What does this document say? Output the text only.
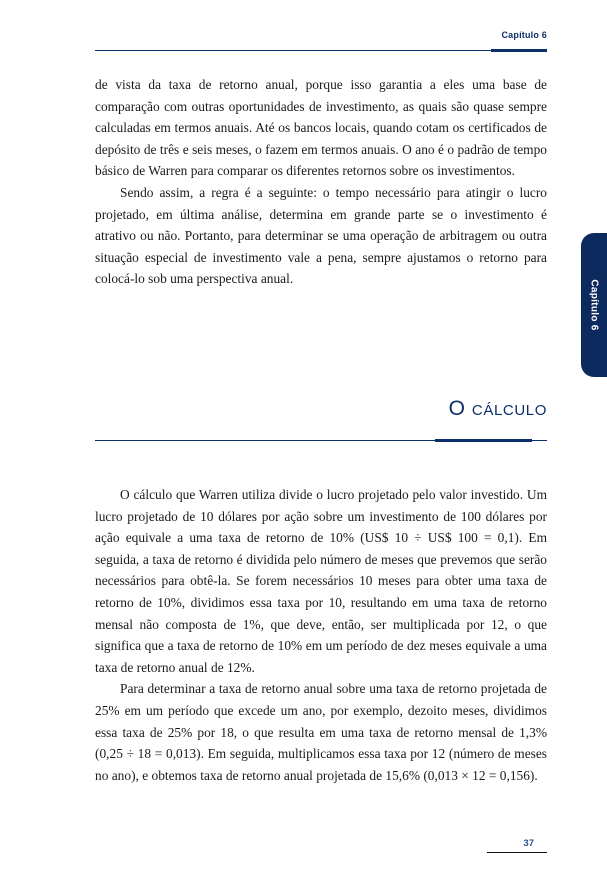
Capítulo 6

de vista da taxa de retorno anual, porque isso garantia a eles uma base de comparação com outras oportunidades de investimento, as quais são quase sempre calculadas em termos anuais. Até os bancos locais, quando cotam os certificados de depósito de três e seis meses, o fazem em termos anuais. O ano é o padrão de tempo básico de Warren para comparar os diferentes retornos sobre os investimentos.

Sendo assim, a regra é a seguinte: o tempo necessário para atingir o lucro projetado, em última análise, determina em grande parte se o investimento é atrativo ou não. Portanto, para determinar se uma operação de arbitragem ou outra situação especial de investimento vale a pena, sempre ajustamos o retorno para colocá-lo sob uma perspectiva anual.

O cálculo

O cálculo que Warren utiliza divide o lucro projetado pelo valor investido. Um lucro projetado de 10 dólares por ação sobre um investimento de 100 dólares por ação equivale a uma taxa de retorno de 10% (US$ 10 ÷ US$ 100 = 0,1). Em seguida, a taxa de retorno é dividida pelo número de meses que prevemos que serão necessários para obtê-la. Se forem necessários 10 meses para obter uma taxa de retorno de 10%, dividimos essa taxa por 10, resultando em uma taxa de retorno mensal não composta de 1%, que deve, então, ser multiplicada por 12, o que significa que a taxa de retorno de 10% em um período de dez meses equivale a uma taxa de retorno anual de 12%.

Para determinar a taxa de retorno anual sobre uma taxa de retorno projetada de 25% em um período que excede um ano, por exemplo, dezoito meses, dividimos essa taxa de 25% por 18, o que resulta em uma taxa de retorno mensal de 1,3% (0,25 ÷ 18 = 0,013). Em seguida, multiplicamos essa taxa por 12 (número de meses no ano), e obtemos taxa de retorno anual projetada de 15,6% (0,013 × 12 = 0,156).

Capítulo 6
37
